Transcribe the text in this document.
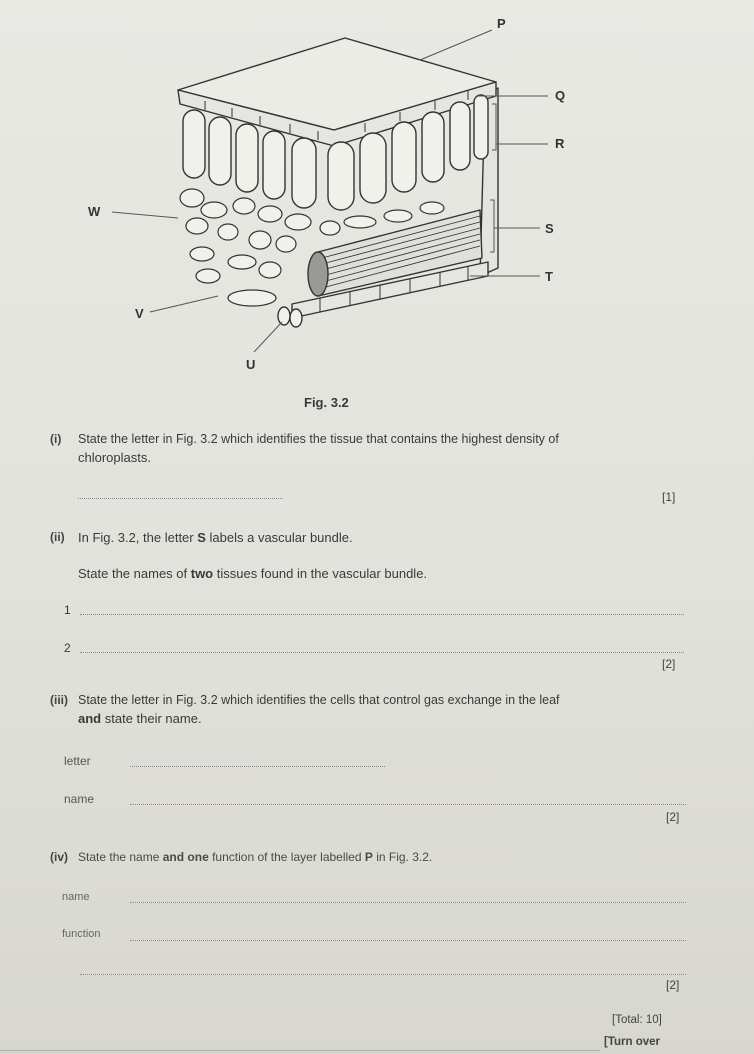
P
Q
R
W
S
T
V
U
Fig. 3.2
(i) State the letter in Fig. 3.2 which identifies the tissue that contains the highest density of
chloroplasts.
[1]
(ii) In Fig. 3.2, the letter S labels a vascular bundle.
State the names of two tissues found in the vascular bundle.
1
2
[2]
(iii) State the letter in Fig. 3.2 which identifies the cells that control gas exchange in the leaf
and state their name.
letter
name
[2]
(iv) State the name and one function of the layer labelled P in Fig. 3.2.
name
function
[2]
[Total: 10]
[Turn over
